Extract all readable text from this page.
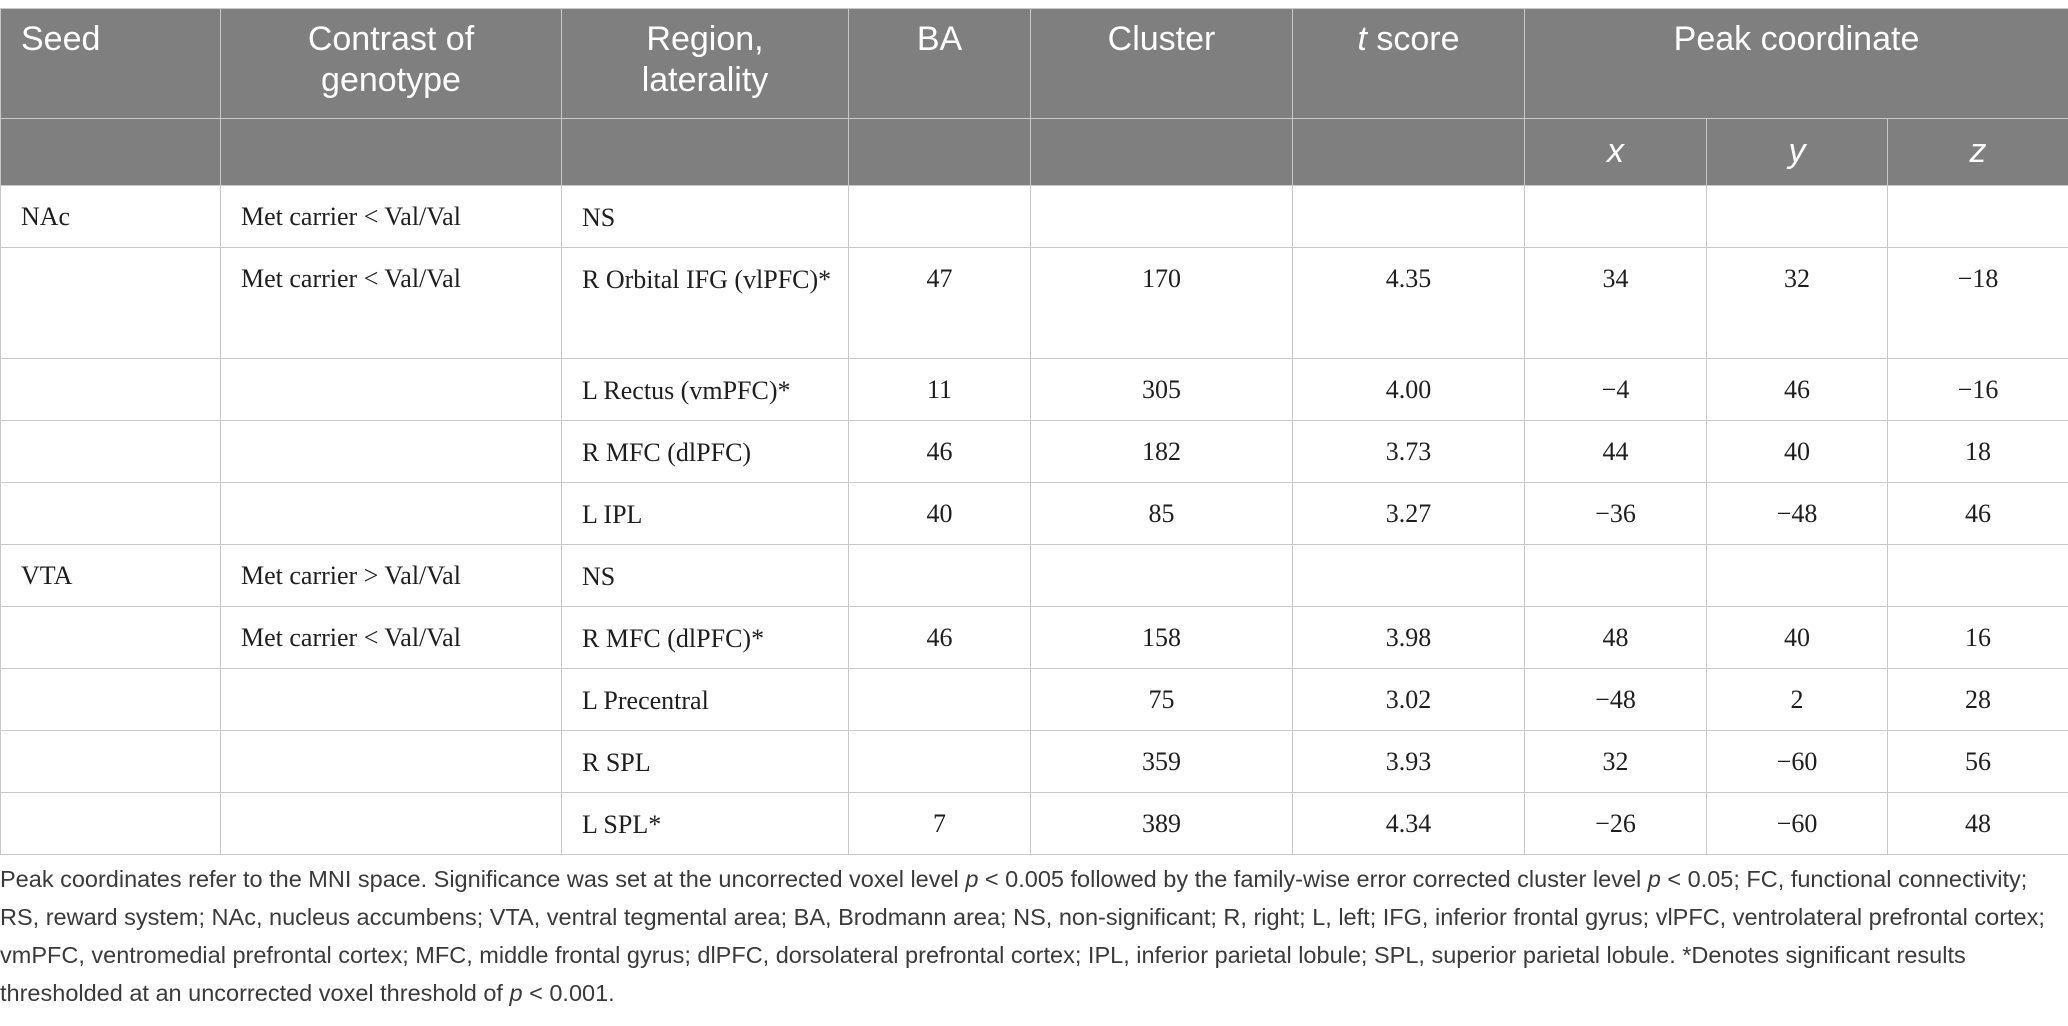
Seed	Contrast of genotype	Region, laterality	BA	Cluster	t score	Peak coordinate		
						x	y	z
NAc	Met carrier < Val/Val	NS						
	Met carrier < Val/Val	R Orbital IFG (vlPFC)*	47	170	4.35	34	32	−18
		L Rectus (vmPFC)*	11	305	4.00	−4	46	−16
		R MFC (dlPFC)	46	182	3.73	44	40	18
		L IPL	40	85	3.27	−36	−48	46
VTA	Met carrier > Val/Val	NS						
	Met carrier < Val/Val	R MFC (dlPFC)*	46	158	3.98	48	40	16
		L Precentral		75	3.02	−48	2	28
		R SPL		359	3.93	32	−60	56
		L SPL*	7	389	4.34	−26	−60	48

Peak coordinates refer to the MNI space. Significance was set at the uncorrected voxel level p < 0.005 followed by the family-wise error corrected cluster level p < 0.05; FC, functional connectivity; RS, reward system; NAc, nucleus accumbens; VTA, ventral tegmental area; BA, Brodmann area; NS, non-significant; R, right; L, left; IFG, inferior frontal gyrus; vlPFC, ventrolateral prefrontal cortex; vmPFC, ventromedial prefrontal cortex; MFC, middle frontal gyrus; dlPFC, dorsolateral prefrontal cortex; IPL, inferior parietal lobule; SPL, superior parietal lobule. *Denotes significant results thresholded at an uncorrected voxel threshold of p < 0.001.
